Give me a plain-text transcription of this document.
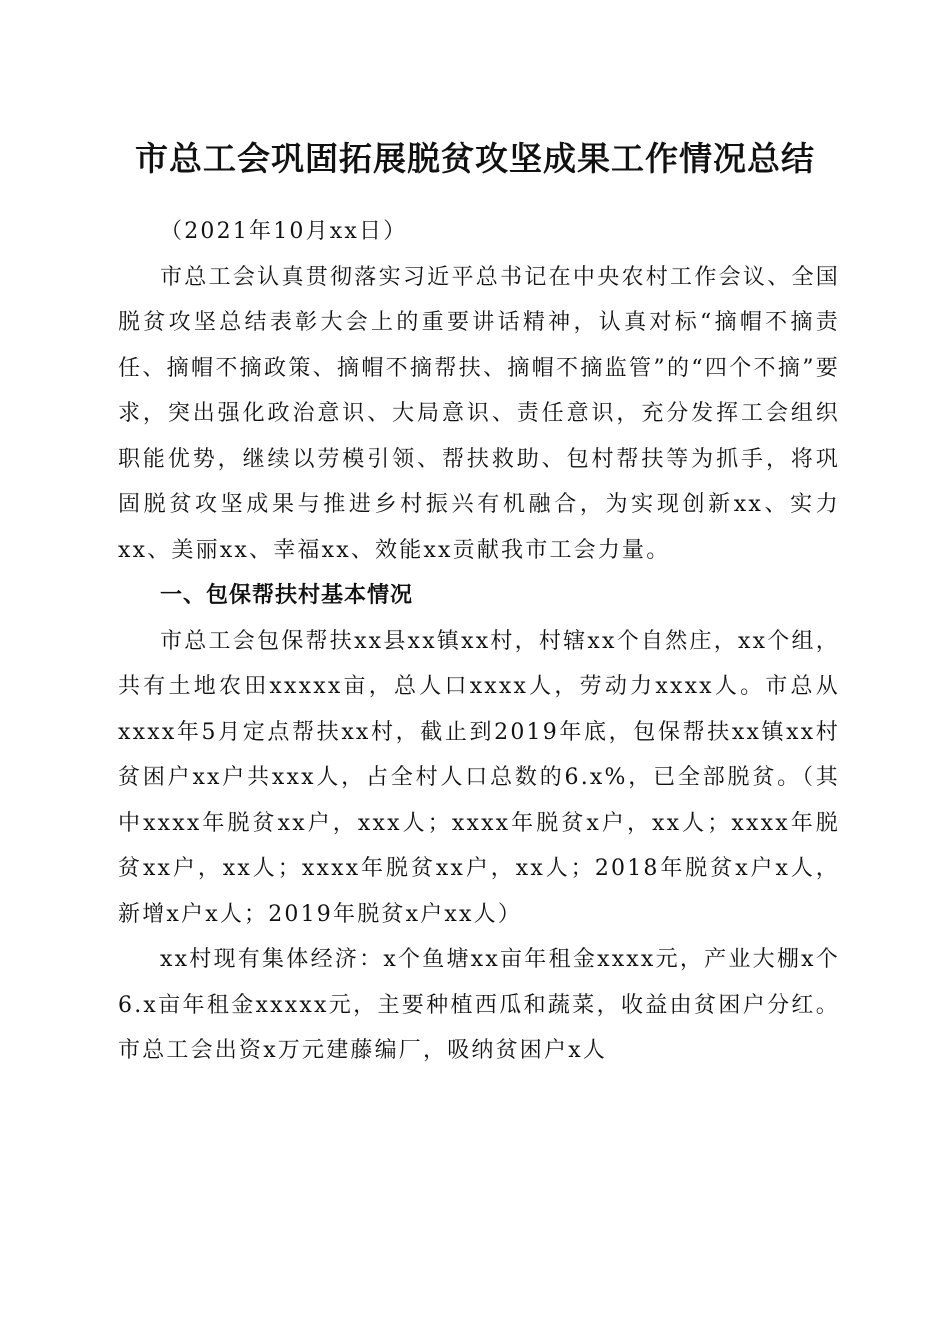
市总工会巩固拓展脱贫攻坚成果工作情况总结

（2021年10月xx日）

市总工会认真贯彻落实习近平总书记在中央农村工作会议、全国脱贫攻坚总结表彰大会上的重要讲话精神，认真对标“摘帽不摘责任、摘帽不摘政策、摘帽不摘帮扶、摘帽不摘监管”的“四个不摘”要求，突出强化政治意识、大局意识、责任意识，充分发挥工会组织职能优势，继续以劳模引领、帮扶救助、包村帮扶等为抓手，将巩固脱贫攻坚成果与推进乡村振兴有机融合，为实现创新xx、实力xx、美丽xx、幸福xx、效能xx贡献我市工会力量。

一、包保帮扶村基本情况

市总工会包保帮扶xx县xx镇xx村，村辖xx个自然庄，xx个组，共有土地农田xxxxx亩，总人口xxxx人，劳动力xxxx人。市总从xxxx年5月定点帮扶xx村，截止到2019年底，包保帮扶xx镇xx村贫困户xx户共xxx人，占全村人口总数的6.x%，已全部脱贫。（其中xxxx年脱贫xx户，xxx人；xxxx年脱贫x户，xx人；xxxx年脱贫xx户，xx人；xxxx年脱贫xx户，xx人；2018年脱贫x户x人，新增x户x人；2019年脱贫x户xx人）

xx村现有集体经济：x个鱼塘xx亩年租金xxxx元，产业大棚x个6.x亩年租金xxxxx元，主要种植西瓜和蔬菜，收益由贫困户分红。市总工会出资x万元建藤编厂，吸纳贫困户x人
